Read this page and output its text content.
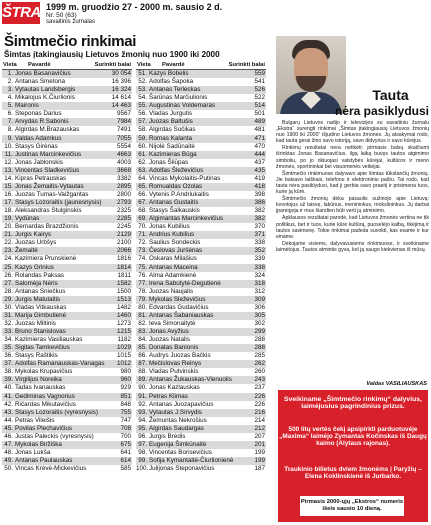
ŠTRA 1999 m. gruodžio 27 - 2000 m. sausio 2 d.
Nr. 50 (63)
savaitinis žurnalas
Šimtmečio rinkimai
Šimtas įtakingiausių Lietuvos žmonių nuo 1900 iki 2000
Vieta Pavardė	Surinkti balai
1. Jonas Basanavičius	30 054
2. Antanas Smetona	16 396
3. Vytautas Landsbergis	16 324
4. Mikalojus K.Čiurlionis	14 614
5. Maironis	14 463
6. Steponas Darius	9567
7. Arvydas R.Sabonis	7984
8. Algirdas M.Brazauskas	7491
9. Valdas Adamkus	7055
10. Stasys Girėnas	5554
11. Justinas Marcinkevičius	4663
12. Jonas Jablonskis	4003
13. Vincentas Sladkevičius	3668
14. Kipras Petrauskas	3382
15. Jonas Žemaitis-Vytautas	2895
16. Juozas Tumas-Vaižgantas	2800
17. Stasys Lozoraitis (jaunesnysis) 2793
18. Aleksandras Stulginskis	2325
19. Vydūnas	2285
20. Bernardas Brazdžionis	2245
21. Jurgis Kairys	2129
22. Juozas Urbšys	2100
23. Žemaitė	2066
24. Kazimiera Prunskienė	1816
25. Kazys Grinius	1814
26. Rolandas Paksas	1811
27. Salomėja Nėris	1582
28. Antanas Sniečkus	1500
29. Jurgis Matulaitis	1513
30. Vladas Vitkauskas	1482
31. Marija Gimbutienė	1460
32. Juozas Miltinis	1273
33. Bruno Stanislovas	1215
34. Kazimieras Vasiliauskas	1182
35. Sigitas Tamkevičius	1029
36. Stasys Raštikis	1015
37. Adolfas Ramanauskas-Vanagas 1012
38. Mykolas Krupavičius	980
39. Virgilijus Noreika	960
40. Tadas Ivanauskas	929
41. Gediminas Vagnorius	851
42. Ričardas Mikutavičius	848
43. Stasys Lozoraitis (vyresnysis)	755
44. Petras Vileišis	747
45. Povilas Plechavičius	708
46. Justas Paleckis (vyresnysis)	700
47. Mykolas Biržiška	675
48. Jonas Lukša	641
49. Antanas Paulauskas	614
50. Vincas Krėvė-Mickevičius	585
Vieta Pavardė	Surinkti balai
51. Kazys Bobelis	559
52. Adolfas Šapoka	541
53. Antanas Terleckas	526
54. Šarūnas Marčiulionis	522
55. Augustinas Voldemaras	514
56. Vladas Jurgutis	501
57. Juozas Baltušis	489
58. Algirdas Sočikas	481
59. Romas Kalanta	471
60. Nijolė Sadūnaitė	470
61. Kazimieras Būga	444
62. Jonas Šliūpas	437
63. Adolfas Šleževičius	435
64. Vincas Mykolaitis-Putinas	419
65. Romualdas Ozolas	418
66. Vytenis P.Andriukaitis	398
67. Antanas Gustaitis	386
68. Stasys Šalkauskis	382
69. Algimantas Marcinkevičius	382
70. Jonas Kubilius	370
71. Andrius Kubilius	371
72. Saulius Sondeckis	338
73. Česlovas Juršėnas	352
74. Oskaras Milašius	339
75. Antanas Maceina	338
76. Alma Adamkienė	324
77. Irena Sabutytė-Degutienė	318
78. Juozas Naujalis	312
79. Mykolas Sleževičius	309
80. Edvardas Gudavičius	306
81. Antanas Šabaniauskas	305
82. Ieva Simonaitytė	302
83. Jonas Avyžius	299
84. Juozas Natalis	288
85. Donatas Banionis	288
86. Audrys Juozas Bačkis	285
87. Mečislovas Reinys	262
88. Vladas Putvinskis	260
89. Antanas Žukauskas-Vienuolis	243
90. Jonas Kazlauskas	237
91. Petras Klimas	226
92. Antanas Juozapavičius	226
93. Vytautas J.Sirvydis	216
94. Žemuntas Nekrošius	214
95. Algirdas Saudargas	212
96. Jurgis Brėdis	207
97. Eugenija Šimkūnaitė	201
98. Vincentas Borisevičius	199
99. Sofija Kymantaitė-Čiurlionienė	199
100. Julijonas Steponavičius	187
Tauta
nėra pasiklydusi

Bulgarų Lietuvos radijo ir televizijos su savaitiniu žurnalu „Ekstra“ surengti rinkimai „Šimtas įtakingiausių Lietuvos žmonių nuo 1900 iki 2000“ išjudino Lietuvos žmones. Jų atsakymai rodo, kad tauta gerai žino savo istoriją, savo didvyrius ir savo kūrėjus.

Rinkimų rezultatai nėra netikėti: pirmasis balsų skaičiumi išrinktas Jonas Basanavičius, ilgą laiką buvęs tautos atgimimo simboliu, po jo rikiuojasi valstybės kūrėjai, kultūros ir meno žmonės, sportininkai bei visuomenės veikėjai.

Šimtmečio rinkimuose dalyvavo apie šimtas tūkstančių žmonių. Jie balsavo laiškais, telefonu ir elektroniniu paštu. Tai rodo, kad tauta nėra pasiklydusi, kad ji gerbia savo praeitį ir prisimena tuos, kurie ją kūrė.

Šimtmečio žmonių dėka pasaulis sužinojo apie Lietuvą: kovotojus už laisvę, lakūnus, menininkus, mokslininkus. Jų darbai įpareigoja ir mus šiandien būti verti jų atminimo.

Apklausos rezultatai parodė, kad Lietuvos žmonės vertina ne tik politikus, bet ir tuos, kurie kūrė kultūrą, puoselėjo kalbą, tikėjimą ir tautos savimonę. Tokie rinkimai padeda suvokti, kas esame ir kur einame.

Dėkojame visiems, dalyvavusiems rinkimuose, ir sveikiname laimėtojus. Tautos atmintis gyva, kol ją saugo kiekvienas iš mūsų.

Valdas VASILIAUSKAS
Sveikiname „Šimtmečio rinkimų“ dalyvius, laimėjusius pagrindinius prizus.
500 litų vertės čekį apsipirkti parduotuvėje „Maxima“ laimėjo Zymantas Kočinskas iš Daugų kaimo (Alytaus rajonas).
Traukinio bilietus dviem žmonėms į Paryžių – Elena Koklinskienė iš Jurbarko.
Pirmasis 2000-ųjų „Ekstros“ numeris
išeis sausio 10 dieną.
